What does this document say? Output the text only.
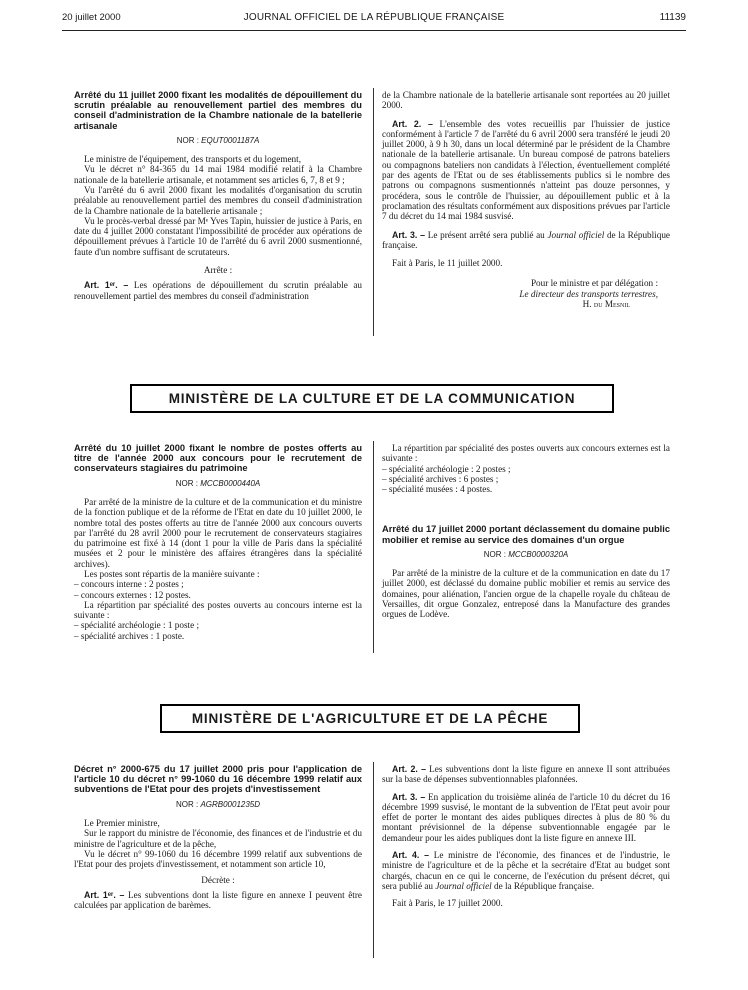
20 juillet 2000	JOURNAL OFFICIEL DE LA RÉPUBLIQUE FRANÇAISE	11139
Arrêté du 11 juillet 2000 fixant les modalités de dépouillement du scrutin préalable au renouvellement partiel des membres du conseil d'administration de la Chambre nationale de la batellerie artisanale
NOR : EQUT0001187A

Le ministre de l'équipement, des transports et du logement,

Vu le décret n° 84-365 du 14 mai 1984 modifié relatif à la Chambre nationale de la batellerie artisanale, et notamment ses articles 6, 7, 8 et 9 ;

Vu l'arrêté du 6 avril 2000 fixant les modalités d'organisation du scrutin préalable au renouvellement partiel des membres du conseil d'administration de la Chambre nationale de la batellerie artisanale ;

Vu le procès-verbal dressé par Mᵉ Yves Tapin, huissier de justice à Paris, en date du 4 juillet 2000 constatant l'impossibilité de procéder aux opérations de dépouillement prévues à l'article 10 de l'arrêté du 6 avril 2000 susmentionné, faute d'un nombre suffisant de scrutateurs.

Arrête :

Art. 1ᵉʳ. – Les opérations de dépouillement du scrutin préalable au renouvellement partiel des membres du conseil d'administration

de la Chambre nationale de la batellerie artisanale sont reportées au 20 juillet 2000.

Art. 2. – L'ensemble des votes recueillis par l'huissier de justice conformément à l'article 7 de l'arrêté du 6 avril 2000 sera transféré le jeudi 20 juillet 2000, à 9 h 30, dans un local déterminé par le président de la Chambre nationale de la batellerie artisanale. Un bureau composé de patrons bateliers ou compagnons bateliers non candidats à l'élection, éventuellement complété par des agents de l'Etat ou de ses établissements publics si le nombre des patrons ou compagnons susmentionnés n'atteint pas douze personnes, y procédera, sous le contrôle de l'huissier, au dépouillement public et à la proclamation des résultats conformément aux dispositions prévues par l'article 7 du décret du 14 mai 1984 susvisé.

Art. 3. – Le présent arrêté sera publié au Journal officiel de la République française.

Fait à Paris, le 11 juillet 2000.

Pour le ministre et par délégation :

Le directeur des transports terrestres,

H. du Mesnil

MINISTÈRE DE LA CULTURE ET DE LA COMMUNICATION
Arrêté du 10 juillet 2000 fixant le nombre de postes offerts au titre de l'année 2000 aux concours pour le recrutement de conservateurs stagiaires du patrimoine
NOR : MCCB0000440A

Par arrêté de la ministre de la culture et de la communication et du ministre de la fonction publique et de la réforme de l'Etat en date du 10 juillet 2000, le nombre total des postes offerts au titre de l'année 2000 aux concours ouverts par l'arrêté du 28 avril 2000 pour le recrutement de conservateurs stagiaires du patrimoine est fixé à 14 (dont 1 pour la ville de Paris dans la spécialité musées et 2 pour le ministère des affaires étrangères dans la spécialité archives).

Les postes sont répartis de la manière suivante :

– concours interne : 2 postes ;

– concours externes : 12 postes.

La répartition par spécialité des postes ouverts au concours interne est la suivante :

– spécialité archéologie : 1 poste ;

– spécialité archives : 1 poste.

La répartition par spécialité des postes ouverts aux concours externes est la suivante :

– spécialité archéologie : 2 postes ;

– spécialité archives : 6 postes ;

– spécialité musées : 4 postes.

Arrêté du 17 juillet 2000 portant déclassement du domaine public mobilier et remise au service des domaines d'un orgue
NOR : MCCB0000320A

Par arrêté de la ministre de la culture et de la communication en date du 17 juillet 2000, est déclassé du domaine public mobilier et remis au service des domaines, pour aliénation, l'ancien orgue de la chapelle royale du château de Versailles, dit orgue Gonzalez, entreposé dans la Manufacture des grandes orgues de Lodève.

MINISTÈRE DE L'AGRICULTURE ET DE LA PÊCHE
Décret n° 2000-675 du 17 juillet 2000 pris pour l'application de l'article 10 du décret n° 99-1060 du 16 décembre 1999 relatif aux subventions de l'Etat pour des projets d'investissement
NOR : AGRB0001235D

Le Premier ministre,

Sur le rapport du ministre de l'économie, des finances et de l'industrie et du ministre de l'agriculture et de la pêche,

Vu le décret n° 99-1060 du 16 décembre 1999 relatif aux subventions de l'Etat pour des projets d'investissement, et notamment son article 10,

Décrète :

Art. 1ᵉʳ. – Les subventions dont la liste figure en annexe I peuvent être calculées par application de barèmes.

Art. 2. – Les subventions dont la liste figure en annexe II sont attribuées sur la base de dépenses subventionnables plafonnées.

Art. 3. – En application du troisième alinéa de l'article 10 du décret du 16 décembre 1999 susvisé, le montant de la subvention de l'Etat peut avoir pour effet de porter le montant des aides publiques directes à plus de 80 % du montant prévisionnel de la dépense subventionnable engagée par le demandeur pour les aides publiques dont la liste figure en annexe III.

Art. 4. – Le ministre de l'économie, des finances et de l'industrie, le ministre de l'agriculture et de la pêche et la secrétaire d'Etat au budget sont chargés, chacun en ce qui le concerne, de l'exécution du présent décret, qui sera publié au Journal officiel de la République française.

Fait à Paris, le 17 juillet 2000.
